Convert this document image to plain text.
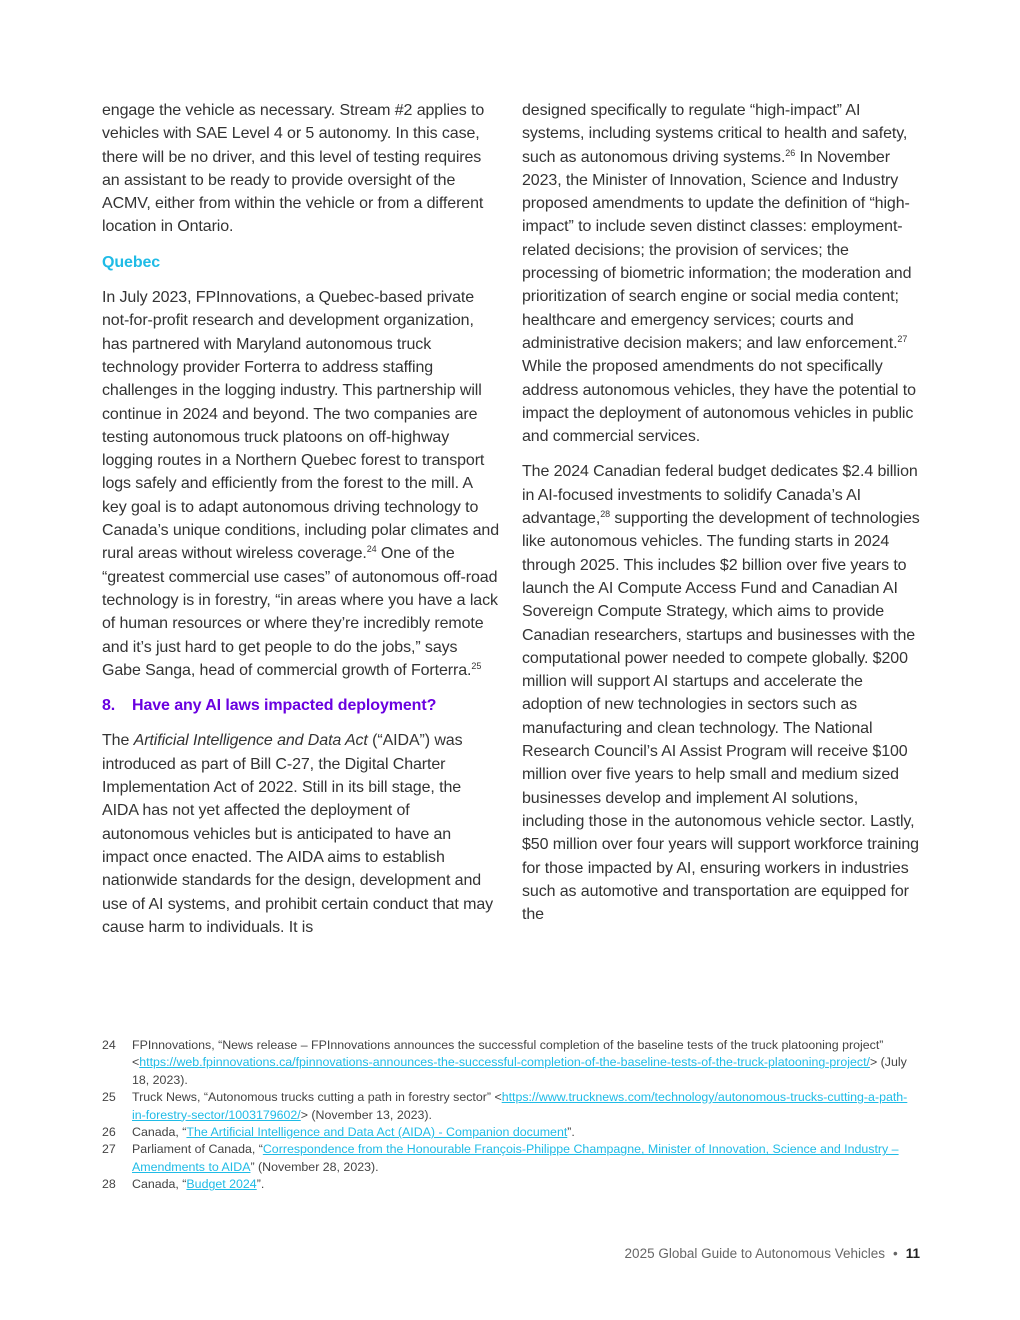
engage the vehicle as necessary. Stream #2 applies to vehicles with SAE Level 4 or 5 autonomy. In this case, there will be no driver, and this level of testing requires an assistant to be ready to provide oversight of the ACMV, either from within the vehicle or from a different location in Ontario.

Quebec

In July 2023, FPInnovations, a Quebec-based private not-for-profit research and development organization, has partnered with Maryland autonomous truck technology provider Forterra to address staffing challenges in the logging industry. This partnership will continue in 2024 and beyond. The two companies are testing autonomous truck platoons on off-highway logging routes in a Northern Quebec forest to transport logs safely and efficiently from the forest to the mill. A key goal is to adapt autonomous driving technology to Canada’s unique conditions, including polar climates and rural areas without wireless coverage.$^{24}$ One of the “greatest commercial use cases” of autonomous off-road technology is in forestry, “in areas where you have a lack of human resources or where they’re incredibly remote and it’s just hard to get people to do the jobs,” says Gabe Sanga, head of commercial growth of Forterra.$^{25}$

8. Have any AI laws impacted deployment?

The Artificial Intelligence and Data Act (“AIDA”) was introduced as part of Bill C-27, the Digital Charter Implementation Act of 2022. Still in its bill stage, the AIDA has not yet affected the deployment of autonomous vehicles but is anticipated to have an impact once enacted. The AIDA aims to establish nationwide standards for the design, development and use of AI systems, and prohibit certain conduct that may cause harm to individuals. It is

designed specifically to regulate “high-impact” AI systems, including systems critical to health and safety, such as autonomous driving systems.$^{26}$ In November 2023, the Minister of Innovation, Science and Industry proposed amendments to update the definition of “high-impact” to include seven distinct classes: employment-related decisions; the provision of services; the processing of biometric information; the moderation and prioritization of search engine or social media content; healthcare and emergency services; courts and administrative decision makers; and law enforcement.$^{27}$ While the proposed amendments do not specifically address autonomous vehicles, they have the potential to impact the deployment of autonomous vehicles in public and commercial services.

The 2024 Canadian federal budget dedicates $2.4 billion in AI-focused investments to solidify Canada’s AI advantage,$^{28}$ supporting the development of technologies like autonomous vehicles. The funding starts in 2024 through 2025. This includes $2 billion over five years to launch the AI Compute Access Fund and Canadian AI Sovereign Compute Strategy, which aims to provide Canadian researchers, startups and businesses with the computational power needed to compete globally. $200 million will support AI startups and accelerate the adoption of new technologies in sectors such as manufacturing and clean technology. The National Research Council’s AI Assist Program will receive $100 million over five years to help small and medium sized businesses develop and implement AI solutions, including those in the autonomous vehicle sector. Lastly, $50 million over four years will support workforce training for those impacted by AI, ensuring workers in industries such as automotive and transportation are equipped for the

24 FPInnovations, “News release – FPInnovations announces the successful completion of the baseline tests of the truck platooning project” <https://web.fpinnovations.ca/fpinnovations-announces-the-successful-completion-of-the-baseline-tests-of-the-truck-platooning-project/> (July 18, 2023).
25 Truck News, “Autonomous trucks cutting a path in forestry sector” <https://www.trucknews.com/technology/autonomous-trucks-cutting-a-path-in-forestry-sector/1003179602/> (November 13, 2023).
26 Canada, “The Artificial Intelligence and Data Act (AIDA) - Companion document”.
27 Parliament of Canada, “Correspondence from the Honourable François-Philippe Champagne, Minister of Innovation, Science and Industry – Amendments to AIDA” (November 28, 2023).
28 Canada, “Budget 2024”.
2025 Global Guide to Autonomous Vehicles • 11
